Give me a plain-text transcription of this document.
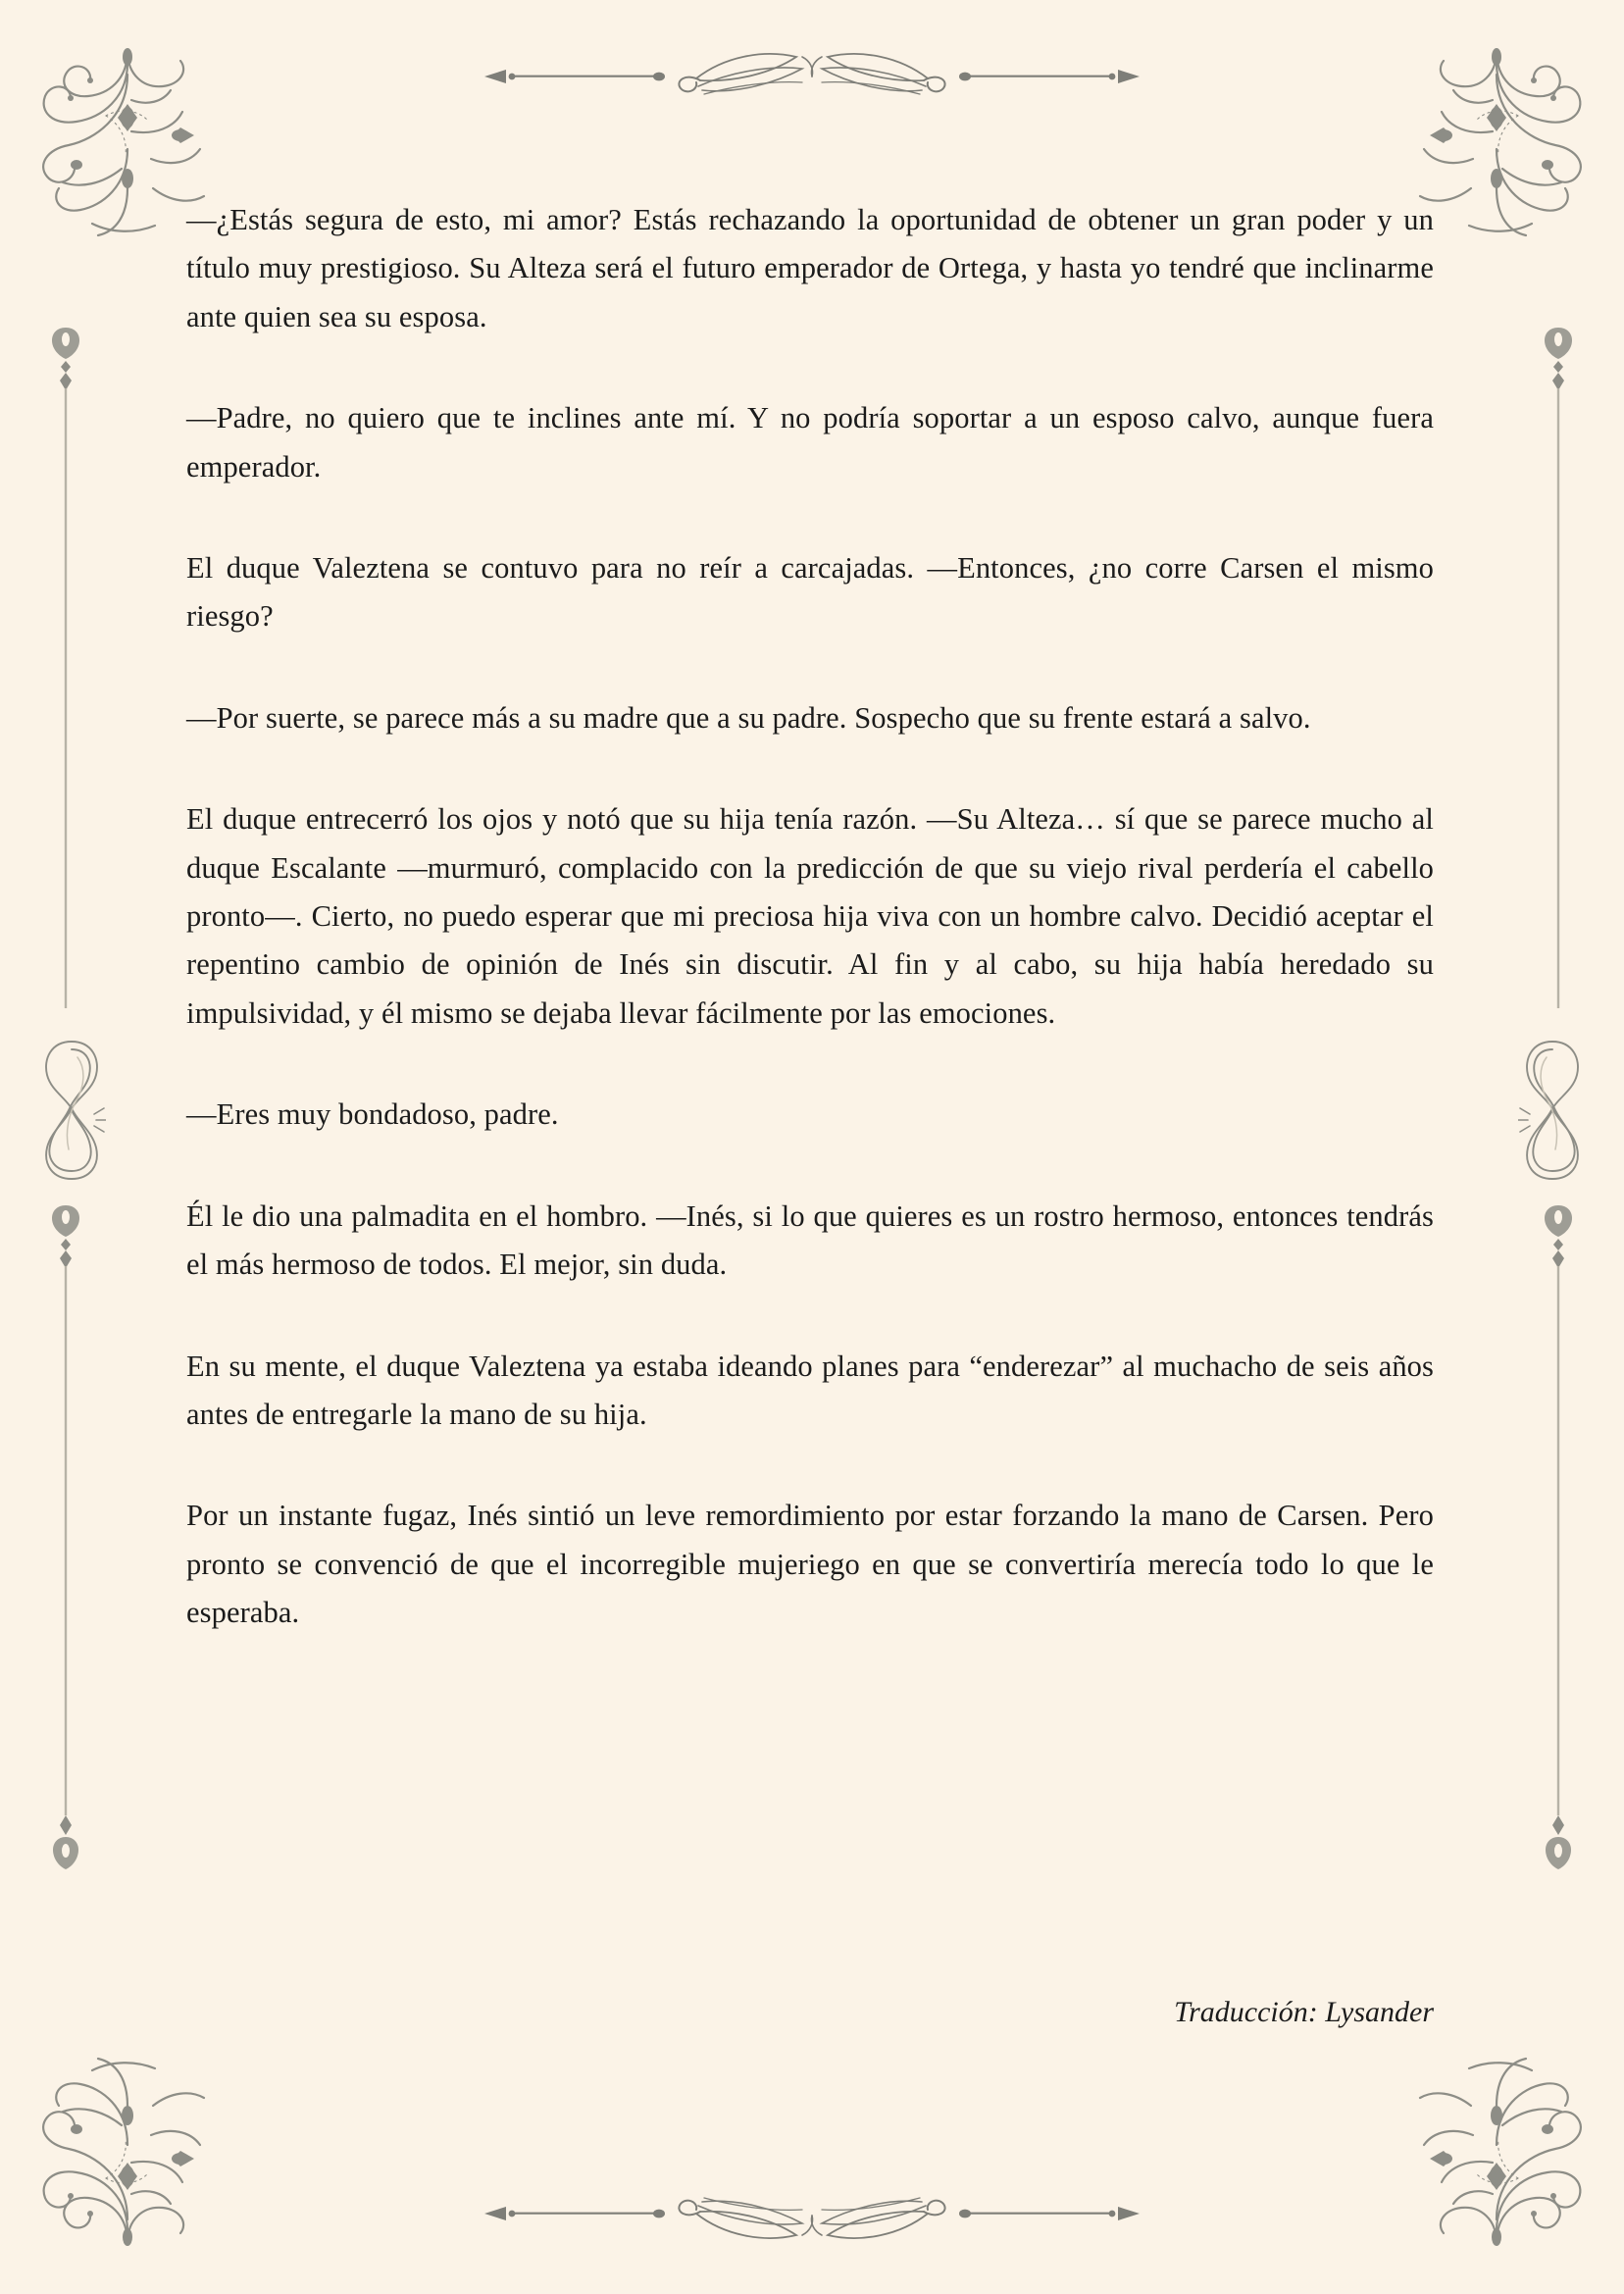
—¿Estás segura de esto, mi amor? Estás rechazando la oportunidad de obtener un gran poder y un título muy prestigioso. Su Alteza será el futuro emperador de Ortega, y hasta yo tendré que inclinarme ante quien sea su esposa.

—Padre, no quiero que te inclines ante mí. Y no podría soportar a un esposo calvo, aunque fuera emperador.

El duque Valeztena se contuvo para no reír a carcajadas. —Entonces, ¿no corre Carsen el mismo riesgo?

—Por suerte, se parece más a su madre que a su padre. Sospecho que su frente estará a salvo.

El duque entrecerró los ojos y notó que su hija tenía razón. —Su Alteza… sí que se parece mucho al duque Escalante —murmuró, complacido con la predicción de que su viejo rival perdería el cabello pronto—. Cierto, no puedo esperar que mi preciosa hija viva con un hombre calvo. Decidió aceptar el repentino cambio de opinión de Inés sin discutir. Al fin y al cabo, su hija había heredado su impulsividad, y él mismo se dejaba llevar fácilmente por las emociones.

—Eres muy bondadoso, padre.

Él le dio una palmadita en el hombro. —Inés, si lo que quieres es un rostro hermoso, entonces tendrás el más hermoso de todos. El mejor, sin duda.

En su mente, el duque Valeztena ya estaba ideando planes para “enderezar” al muchacho de seis años antes de entregarle la mano de su hija.

Por un instante fugaz, Inés sintió un leve remordimiento por estar forzando la mano de Carsen. Pero pronto se convenció de que el incorregible mujeriego en que se convertiría merecía todo lo que le esperaba.

Traducción: Lysander
